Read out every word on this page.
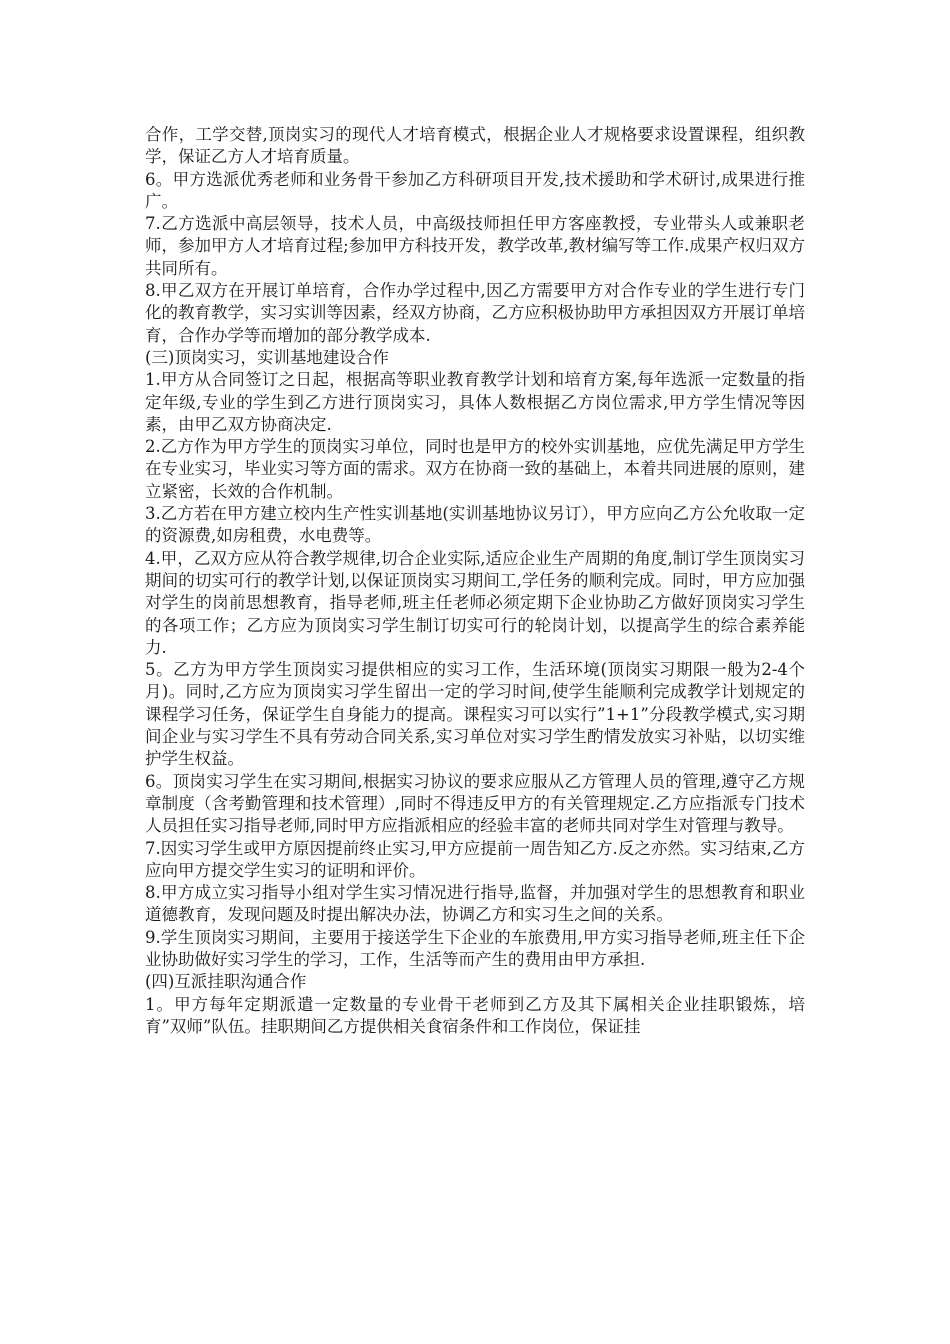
合作，工学交替,顶岗实习的现代人才培育模式，根据企业人才规格要求设置课程，组织教学，保证乙方人才培育质量。

6。甲方选派优秀老师和业务骨干参加乙方科研项目开发,技术援助和学术研讨,成果进行推广。

7.乙方选派中高层领导，技术人员，中高级技师担任甲方客座教授，专业带头人或兼职老师，参加甲方人才培育过程;参加甲方科技开发，教学改革,教材编写等工作.成果产权归双方共同所有。

8.甲乙双方在开展订单培育，合作办学过程中,因乙方需要甲方对合作专业的学生进行专门化的教育教学，实习实训等因素，经双方协商，乙方应积极协助甲方承担因双方开展订单培育，合作办学等而增加的部分教学成本.

(三)顶岗实习，实训基地建设合作

1.甲方从合同签订之日起，根据高等职业教育教学计划和培育方案,每年选派一定数量的指定年级,专业的学生到乙方进行顶岗实习，具体人数根据乙方岗位需求,甲方学生情况等因素，由甲乙双方协商决定.

2.乙方作为甲方学生的顶岗实习单位，同时也是甲方的校外实训基地，应优先满足甲方学生在专业实习，毕业实习等方面的需求。双方在协商一致的基础上，本着共同进展的原则，建立紧密，长效的合作机制。

3.乙方若在甲方建立校内生产性实训基地(实训基地协议另订），甲方应向乙方公允收取一定的资源费,如房租费，水电费等。

4.甲，乙双方应从符合教学规律,切合企业实际,适应企业生产周期的角度,制订学生顶岗实习期间的切实可行的教学计划,以保证顶岗实习期间工,学任务的顺利完成。同时，甲方应加强对学生的岗前思想教育，指导老师,班主任老师必须定期下企业协助乙方做好顶岗实习学生的各项工作；乙方应为顶岗实习学生制订切实可行的轮岗计划，以提高学生的综合素养能力.

5。乙方为甲方学生顶岗实习提供相应的实习工作，生活环境(顶岗实习期限一般为2-4个月)。同时,乙方应为顶岗实习学生留出一定的学习时间,使学生能顺利完成教学计划规定的课程学习任务，保证学生自身能力的提高。课程实习可以实行”1+1”分段教学模式,实习期间企业与实习学生不具有劳动合同关系,实习单位对实习学生酌情发放实习补贴，以切实维护学生权益。

6。顶岗实习学生在实习期间,根据实习协议的要求应服从乙方管理人员的管理,遵守乙方规章制度（含考勤管理和技术管理）,同时不得违反甲方的有关管理规定.乙方应指派专门技术人员担任实习指导老师,同时甲方应指派相应的经验丰富的老师共同对学生对管理与教导。

7.因实习学生或甲方原因提前终止实习,甲方应提前一周告知乙方.反之亦然。实习结束,乙方应向甲方提交学生实习的证明和评价。

8.甲方成立实习指导小组对学生实习情况进行指导,监督，并加强对学生的思想教育和职业道德教育，发现问题及时提出解决办法，协调乙方和实习生之间的关系。

9.学生顶岗实习期间，主要用于接送学生下企业的车旅费用,甲方实习指导老师,班主任下企业协助做好实习学生的学习，工作，生活等而产生的费用由甲方承担.

(四)互派挂职沟通合作

1。甲方每年定期派遣一定数量的专业骨干老师到乙方及其下属相关企业挂职锻炼，培育”双师”队伍。挂职期间乙方提供相关食宿条件和工作岗位，保证挂
